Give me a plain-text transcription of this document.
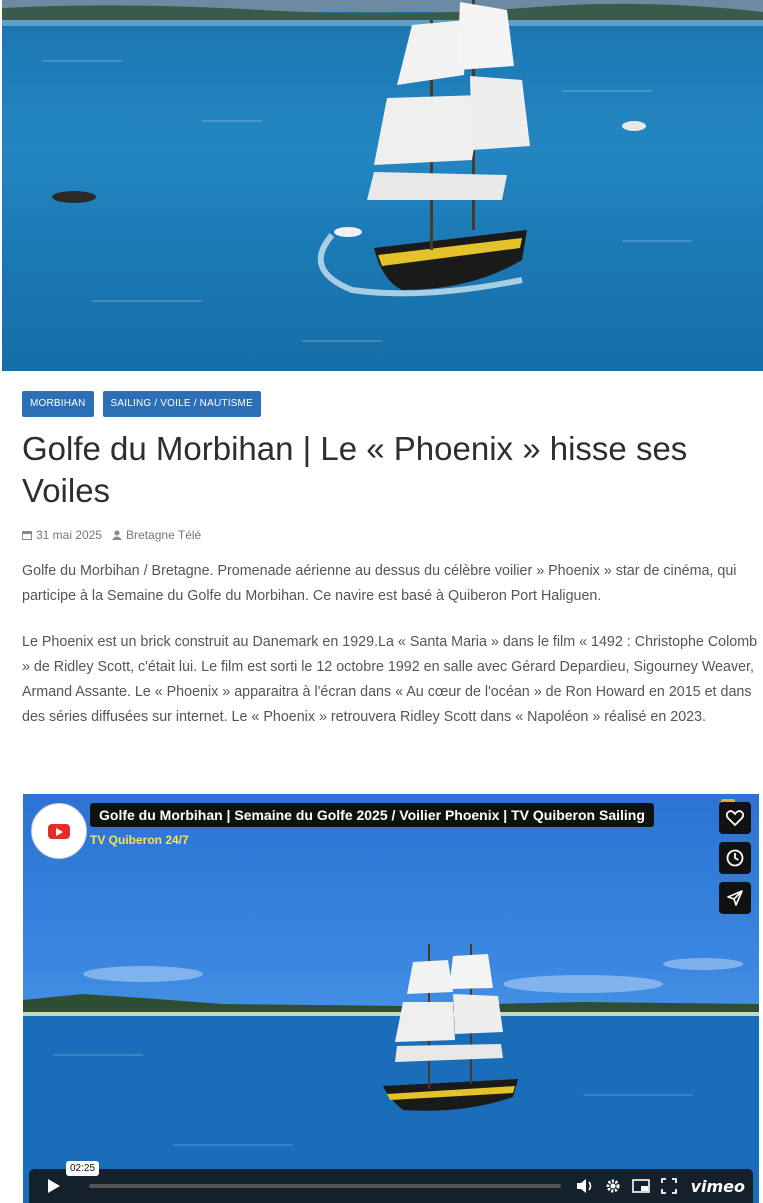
MORBIHAN	SAILING / VOILE / NAUTISME
Golfe du Morbihan | Le « Phoenix » hisse ses Voiles
31 mai 2025 Bretagne Télé

Golfe du Morbihan / Bretagne. Promenade aérienne au dessus du célèbre voilier » Phoenix » star de cinéma, qui participe à la Semaine du Golfe du Morbihan. Ce navire est basé à Quiberon Port Haliguen.

Le Phoenix est un brick construit au Danemark en 1929.La « Santa Maria » dans le film « 1492 : Christophe Colomb » de Ridley Scott, c'était lui. Le film est sorti le 12 octobre 1992 en salle avec Gérard Depardieu, Sigourney Weaver, Armand Assante. Le « Phoenix » apparaitra à l'écran dans « Au cœur de l'océan » de Ron Howard en 2015 et dans des séries diffusées sur internet. Le « Phoenix » retrouvera Ridley Scott dans « Napoléon » réalisé en 2023.

Golfe du Morbihan | Semaine du Golfe 2025 / Voilier Phoenix | TV Quiberon Sailing
TV Quiberon 24/7
vimeo
02:25
